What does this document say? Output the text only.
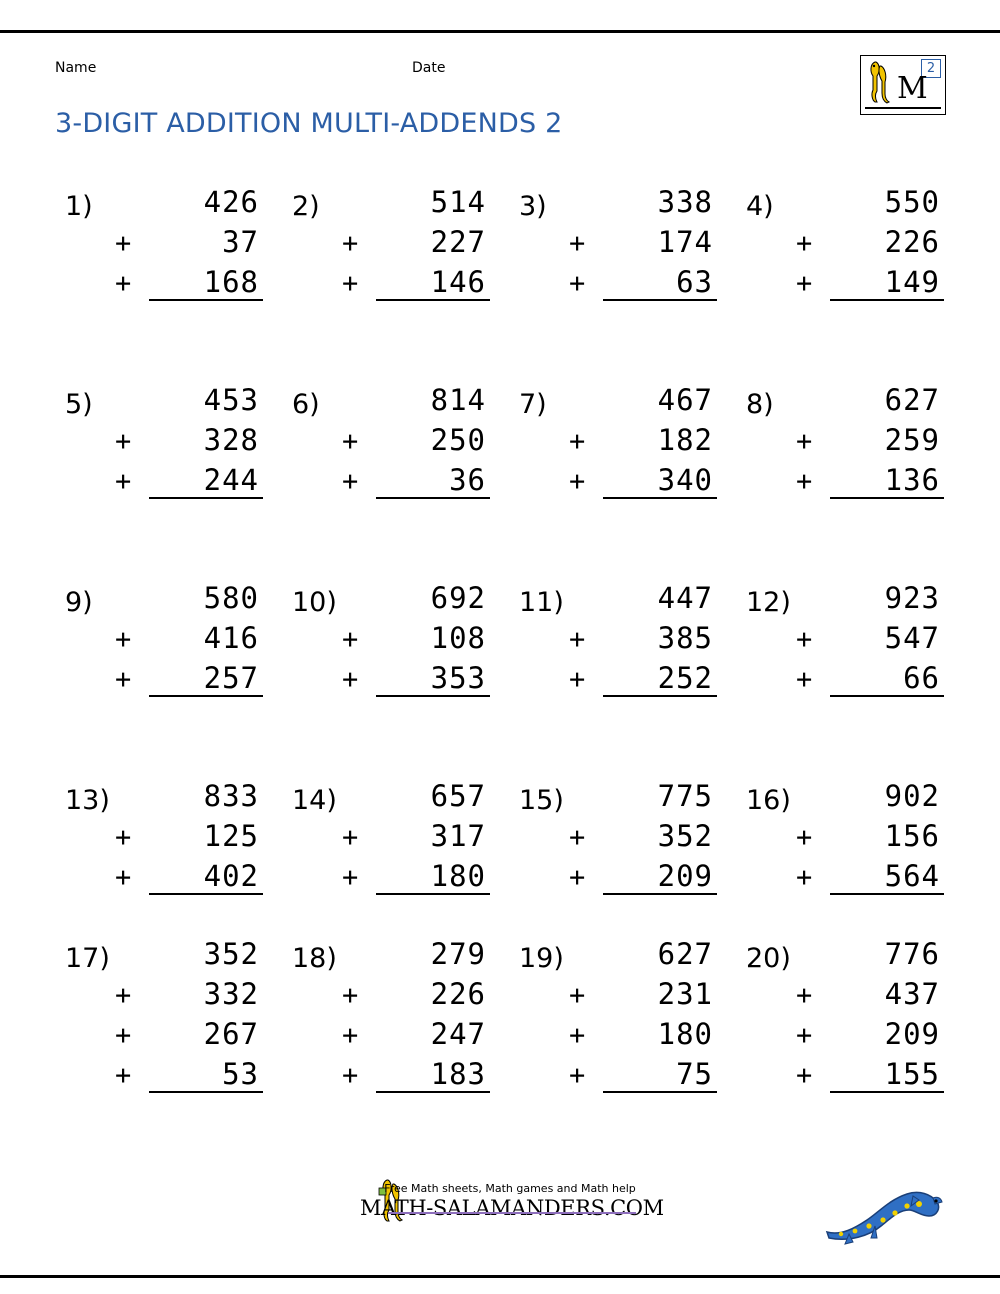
Name	Date
3-DIGIT ADDITION MULTI-ADDENDS 2
2
M
1)	426
+	37
+	168
2)	514
+	227
+	146
3)	338
+	174
+	63
4)	550
+	226
+	149
5)	453
+	328
+	244
6)	814
+	250
+	36
7)	467
+	182
+	340
8)	627
+	259
+	136
9)	580
+	416
+	257
10)	692
+	108
+	353
11)	447
+	385
+	252
12)	923
+	547
+	66
13)	833
+	125
+	402
14)	657
+	317
+	180
15)	775
+	352
+	209
16)	902
+	156
+	564
17)	352
+	332
+	267
+	53
18)	279
+	226
+	247
+	183
19)	627
+	231
+	180
+	75
20)	776
+	437
+	209
+	155
Free Math sheets, Math games and Math help
MATH-SALAMANDERS.COM
